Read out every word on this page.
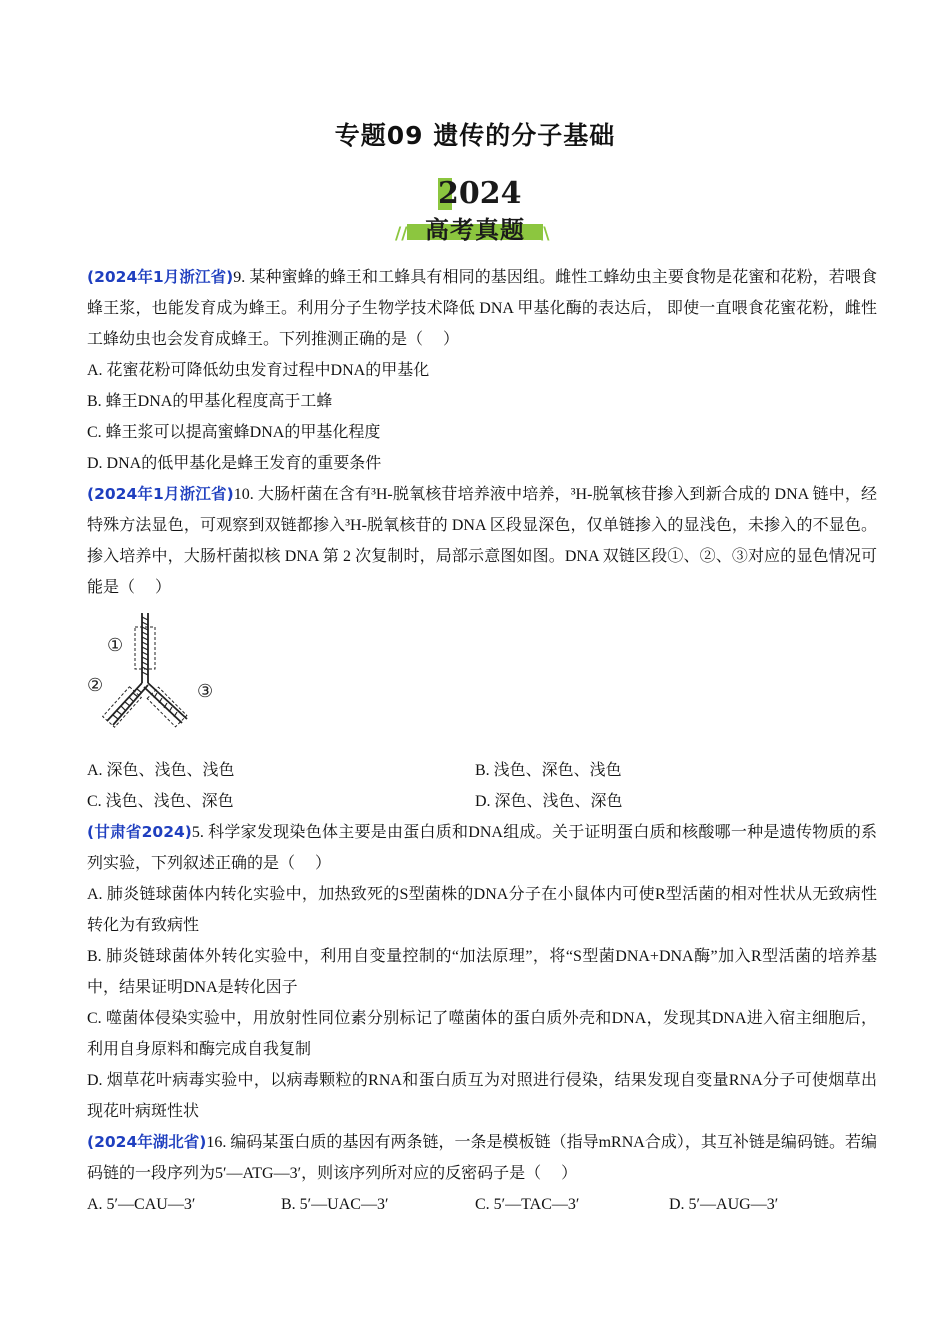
专题09 遗传的分子基础
2024
//	\\
高考真题

(2024年1月浙江省)9. 某种蜜蜂的蜂王和工蜂具有相同的基因组。雌性工蜂幼虫主要食物是花蜜和花粉，若喂食蜂王浆，也能发育成为蜂王。利用分子生物学技术降低 DNA 甲基化酶的表达后， 即使一直喂食花蜜花粉，雌性工蜂幼虫也会发育成蜂王。下列推测正确的是（　 ）

A. 花蜜花粉可降低幼虫发育过程中DNA的甲基化

B. 蜂王DNA的甲基化程度高于工蜂

C. 蜂王浆可以提高蜜蜂DNA的甲基化程度

D. DNA的低甲基化是蜂王发育的重要条件

(2024年1月浙江省)10. 大肠杆菌在含有³H-脱氧核苷培养液中培养，³H-脱氧核苷掺入到新合成的 DNA 链中，经特殊方法显色，可观察到双链都掺入³H-脱氧核苷的 DNA 区段显深色，仅单链掺入的显浅色，未掺入的不显色。掺入培养中，大肠杆菌拟核 DNA 第 2 次复制时，局部示意图如图。DNA 双链区段①、②、③对应的显色情况可能是（　 ）

①
②	③
A. 深色、浅色、浅色	B. 浅色、深色、浅色
C. 浅色、浅色、深色	D. 深色、浅色、深色

(甘肃省2024)5. 科学家发现染色体主要是由蛋白质和DNA组成。关于证明蛋白质和核酸哪一种是遗传物质的系列实验，下列叙述正确的是（　 ）

A. 肺炎链球菌体内转化实验中，加热致死的S型菌株的DNA分子在小鼠体内可使R型活菌的相对性状从无致病性转化为有致病性

B. 肺炎链球菌体外转化实验中，利用自变量控制的“加法原理”，将“S型菌DNA+DNA酶”加入R型活菌的培养基中，结果证明DNA是转化因子

C. 噬菌体侵染实验中，用放射性同位素分别标记了噬菌体的蛋白质外壳和DNA，发现其DNA进入宿主细胞后，利用自身原料和酶完成自我复制

D. 烟草花叶病毒实验中，以病毒颗粒的RNA和蛋白质互为对照进行侵染，结果发现自变量RNA分子可使烟草出现花叶病斑性状

(2024年湖北省)16. 编码某蛋白质的基因有两条链，一条是模板链（指导mRNA合成），其互补链是编码链。若编码链的一段序列为5′—ATG—3′，则该序列所对应的反密码子是（　 ）

A. 5′—CAU—3′	B. 5′—UAC—3′	C. 5′—TAC—3′	D. 5′—AUG—3′
